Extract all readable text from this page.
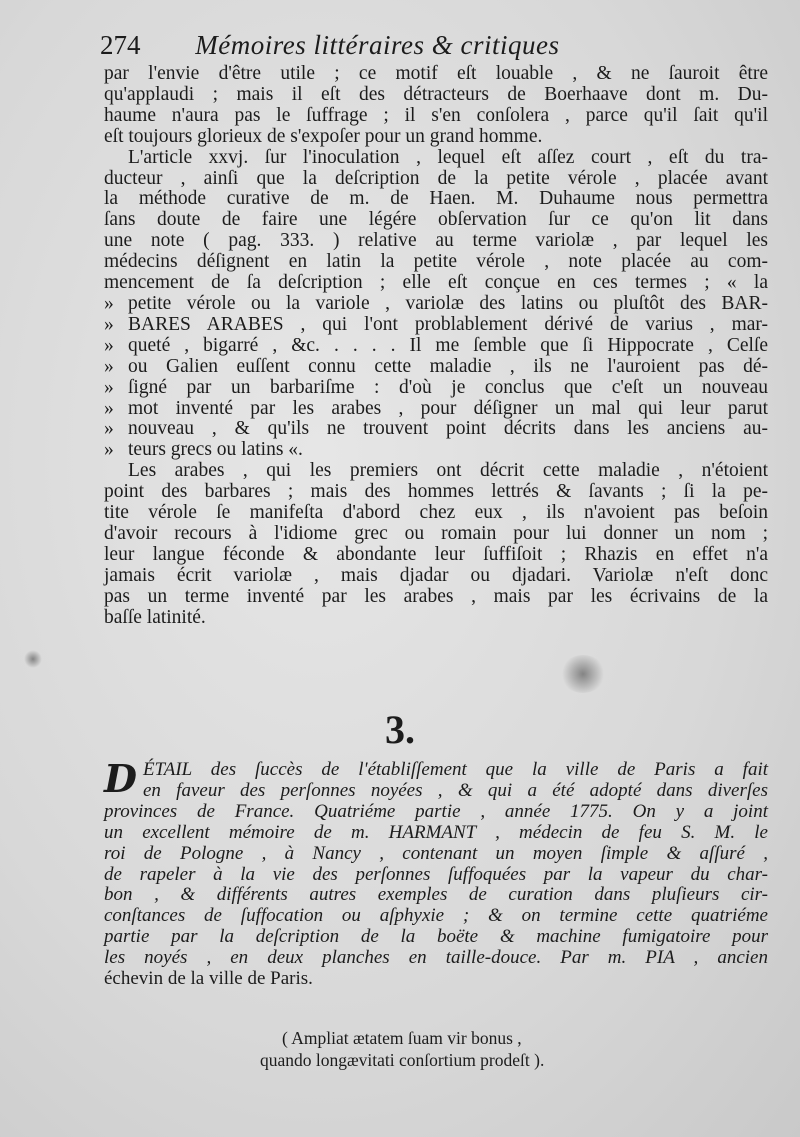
274 Mémoires littéraires & critiques
par l'envie d'être utile ; ce motif eſt louable , & ne ſauroit être
qu'applaudi ; mais il eſt des détracteurs de Boerhaave dont m. Du-
haume n'aura pas le ſuffrage ; il s'en conſolera , parce qu'il ſait qu'il
eſt toujours glorieux de s'expoſer pour un grand homme.
L'article xxvj. ſur l'inoculation , lequel eſt aſſez court , eſt du tra-
ducteur , ainſi que la deſcription de la petite vérole , placée avant
la méthode curative de m. de Haen. M. Duhaume nous permettra
ſans doute de faire une légére obſervation ſur ce qu'on lit dans
une note ( pag. 333. ) relative au terme variolæ , par lequel les
médecins déſignent en latin la petite vérole , note placée au com-
mencement de ſa deſcription ; elle eſt conçue en ces termes ; « la
» petite vérole ou la variole , variolæ des latins ou pluſtôt des BAR-
» BARES ARABES , qui l'ont problablement dérivé de varius , mar-
» queté , bigarré , &c. . . . . Il me ſemble que ſi Hippocrate , Celſe
» ou Galien euſſent connu cette maladie , ils ne l'auroient pas dé-
» ſigné par un barbariſme : d'où je conclus que c'eſt un nouveau
» mot inventé par les arabes , pour déſigner un mal qui leur parut
» nouveau , & qu'ils ne trouvent point décrits dans les anciens au-
» teurs grecs ou latins «.
Les arabes , qui les premiers ont décrit cette maladie , n'étoient
point des barbares ; mais des hommes lettrés & ſavants ; ſi la pe-
tite vérole ſe manifeſta d'abord chez eux , ils n'avoient pas beſoin
d'avoir recours à l'idiome grec ou romain pour lui donner un nom ;
leur langue féconde & abondante leur ſuffiſoit ; Rhazis en effet n'a
jamais écrit variolæ , mais djadar ou djadari. Variolæ n'eſt donc
pas un terme inventé par les arabes , mais par les écrivains de la
baſſe latinité.
3.
D ÉTAIL des ſuccès de l'établiſſement que la ville de Paris a fait
en faveur des perſonnes noyées , & qui a été adopté dans diverſes
provinces de France. Quatriéme partie , année 1775. On y a joint
un excellent mémoire de m. HARMANT , médecin de feu S. M. le
roi de Pologne , à Nancy , contenant un moyen ſimple & aſſuré ,
de rapeler à la vie des perſonnes ſuffoquées par la vapeur du char-
bon , & différents autres exemples de curation dans pluſieurs cir-
conſtances de ſuffocation ou aſphyxie ; & on termine cette quatriéme
partie par la deſcription de la boëte & machine fumigatoire pour
les noyés , en deux planches en taille-douce. Par m. PIA , ancien
échevin de la ville de Paris.
( Ampliat ætatem ſuam vir bonus ,
quando longævitati conſortium prodeſt ).
